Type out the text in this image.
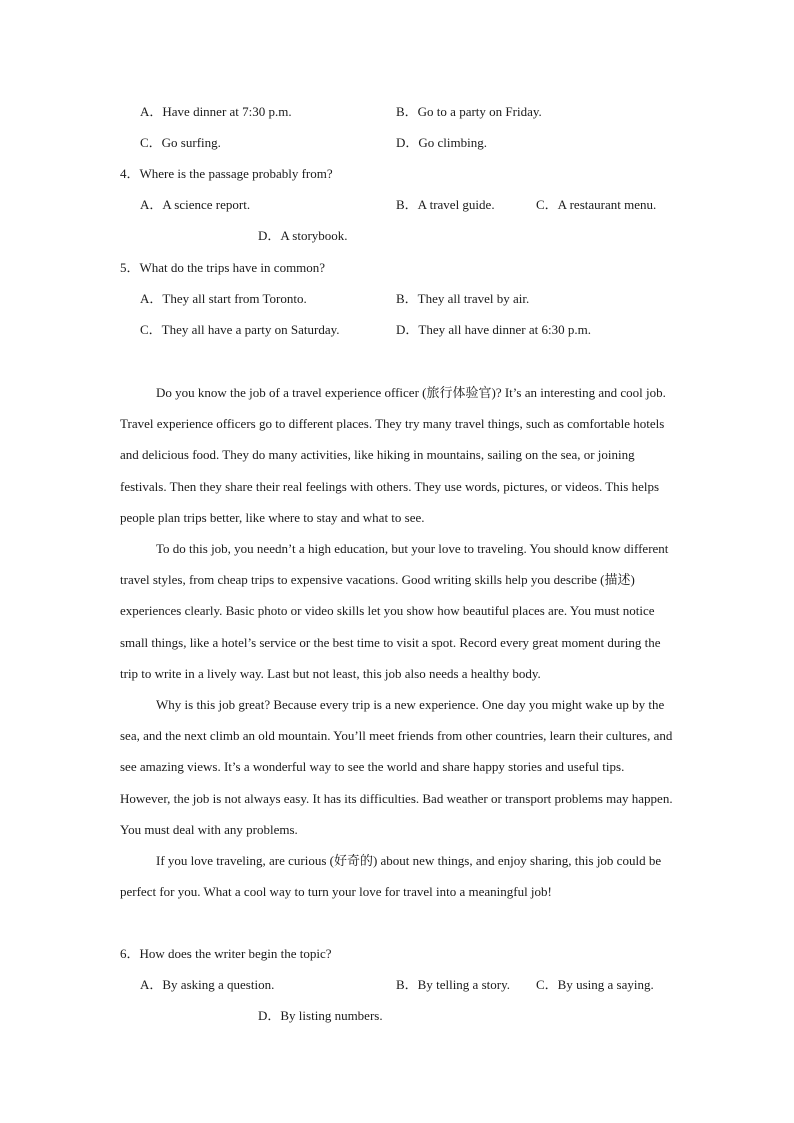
A．Have dinner at 7:30 p.m.	B．Go to a party on Friday.
C．Go surfing.	D．Go climbing.
4．Where is the passage probably from?
A．A science report.	B．A travel guide.	C．A restaurant menu.
D．A storybook.
5．What do the trips have in common?
A．They all start from Toronto.	B．They all travel by air.
C．They all have a party on Saturday.	D．They all have dinner at 6:30 p.m.

Do you know the job of a travel experience officer (旅行体验官)? It’s an interesting and cool job. Travel experience officers go to different places. They try many travel things, such as comfortable hotels and delicious food. They do many activities, like hiking in mountains, sailing on the sea, or joining festivals. Then they share their real feelings with others. They use words, pictures, or videos. This helps people plan trips better, like where to stay and what to see.

To do this job, you needn’t a high education, but your love to traveling. You should know different travel styles, from cheap trips to expensive vacations. Good writing skills help you describe (描述) experiences clearly. Basic photo or video skills let you show how beautiful places are. You must notice small things, like a hotel’s service or the best time to visit a spot. Record every great moment during the trip to write in a lively way. Last but not least, this job also needs a healthy body.

Why is this job great? Because every trip is a new experience. One day you might wake up by the sea, and the next climb an old mountain. You’ll meet friends from other countries, learn their cultures, and see amazing views. It’s a wonderful way to see the world and share happy stories and useful tips. However, the job is not always easy. It has its difficulties. Bad weather or transport problems may happen. You must deal with any problems.

If you love traveling, are curious (好奇的) about new things, and enjoy sharing, this job could be perfect for you. What a cool way to turn your love for travel into a meaningful job!

6．How does the writer begin the topic?
A．By asking a question.	B．By telling a story. C．By using a saying.
D．By listing numbers.
